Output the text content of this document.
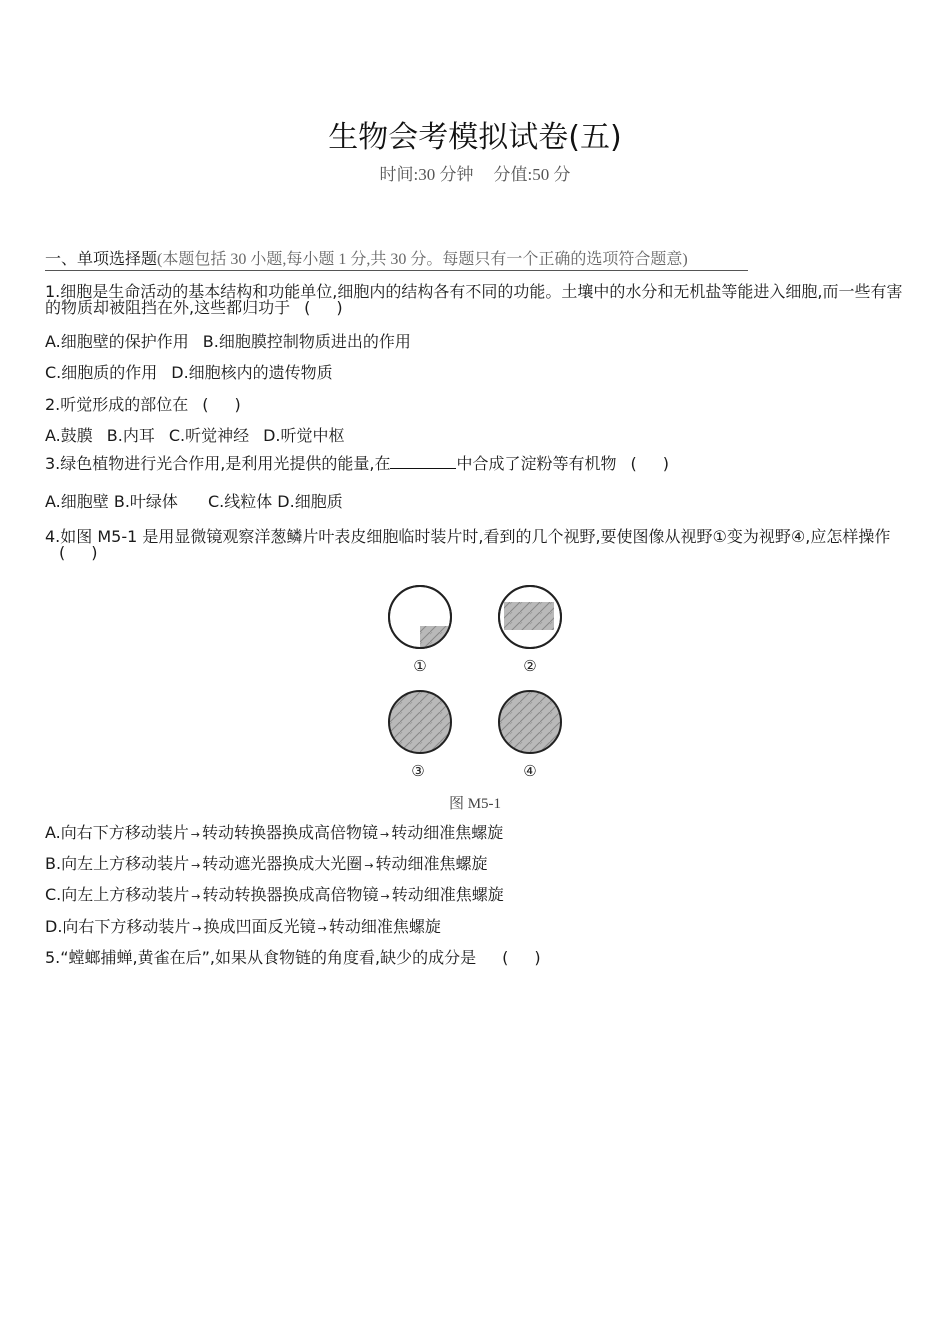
生物会考模拟试卷(五)
时间:30 分钟 分值:50 分
一、单项选择题(本题包括 30 小题,每小题 1 分,共 30 分。每题只有一个正确的选项符合题意)
1.细胞是生命活动的基本结构和功能单位,细胞内的结构各有不同的功能。土壤中的水分和无机盐等能进入细胞,而一些有害的物质却被阻挡在外,这些都归功于 ( )
A.细胞壁的保护作用 B.细胞膜控制物质进出的作用
C.细胞质的作用 D.细胞核内的遗传物质
2.听觉形成的部位在 ( )
A.鼓膜 B.内耳 C.听觉神经 D.听觉中枢
3.绿色植物进行光合作用,是利用光提供的能量,在	中合成了淀粉等有机物 ( )
A.细胞壁 B.叶绿体 C.线粒体 D.细胞质
4.如图 M5-1 是用显微镜观察洋葱鳞片叶表皮细胞临时装片时,看到的几个视野,要使图像从视野①变为视野④,应怎样操作( )
①	②
③	④
图 M5-1
A.向右下方移动装片 → 转动转换器换成高倍物镜 → 转动细准焦螺旋
B.向左上方移动装片 → 转动遮光器换成大光圈 → 转动细准焦螺旋
C.向左上方移动装片 → 转动转换器换成高倍物镜 → 转动细准焦螺旋
D.向右下方移动装片 → 换成凹面反光镜 → 转动细准焦螺旋
5.“螳螂捕蝉,黄雀在后”,如果从食物链的角度看,缺少的成分是 ( )
